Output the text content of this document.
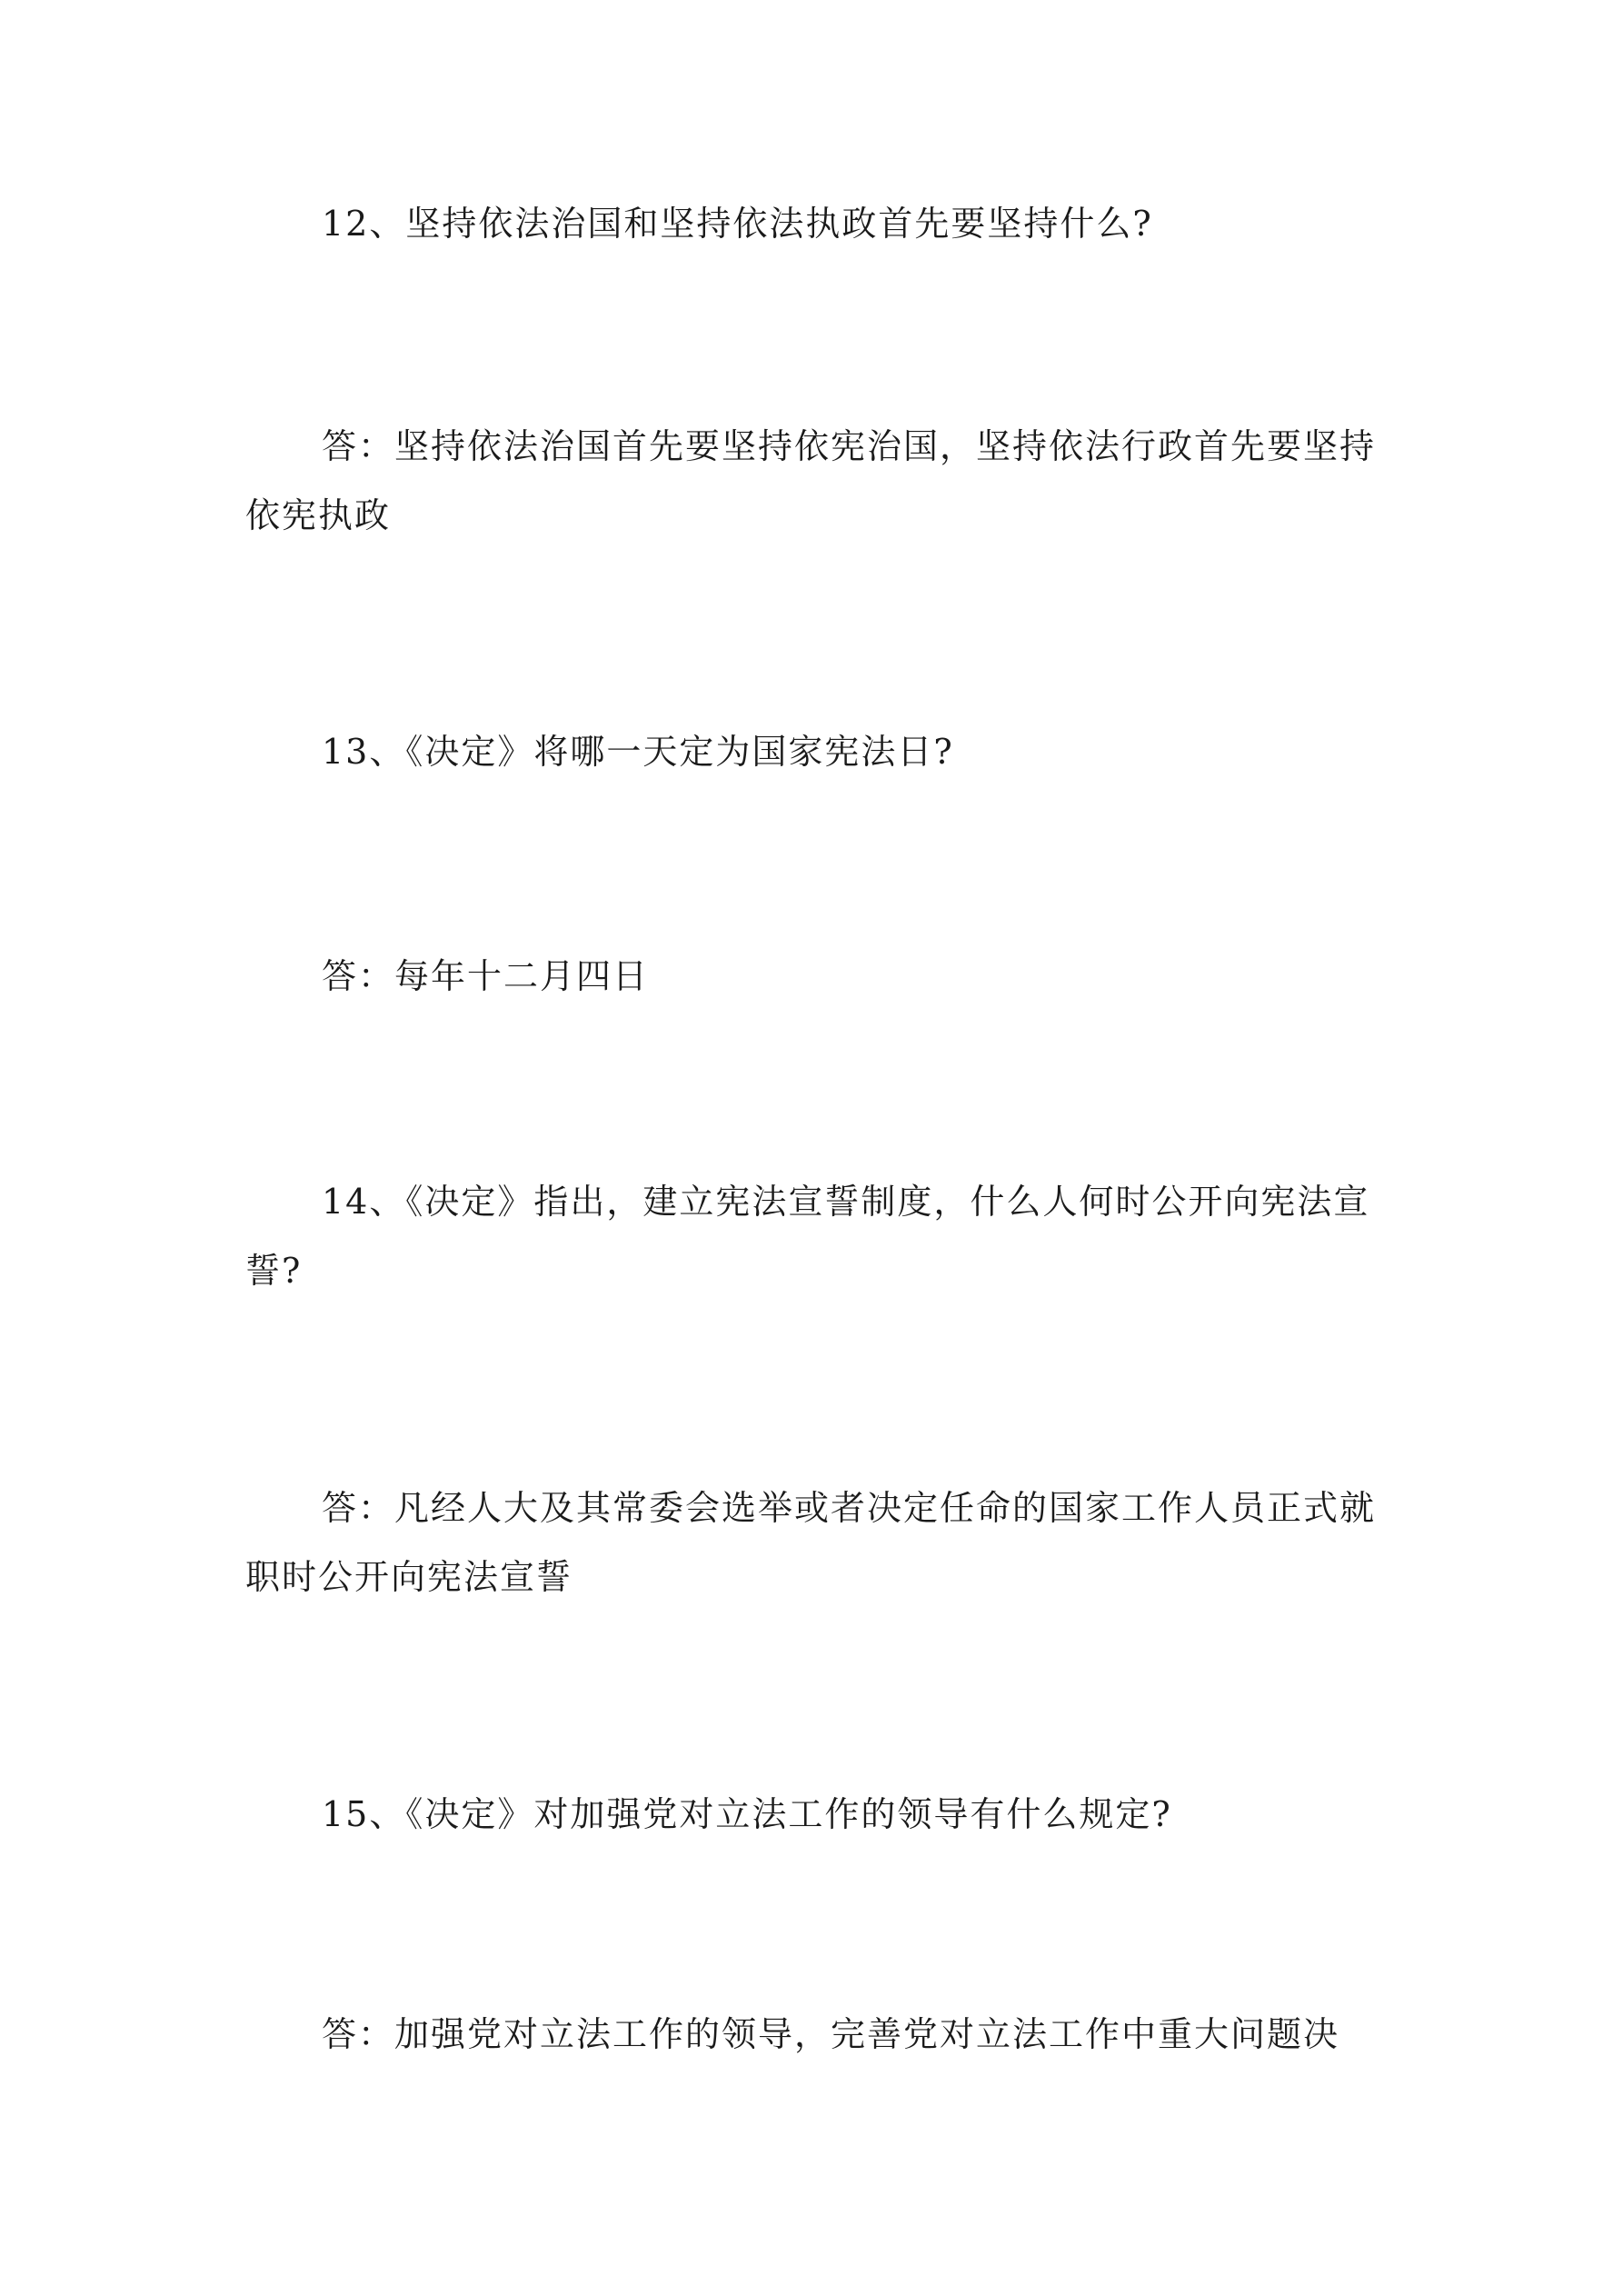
12、坚持依法治国和坚持依法执政首先要坚持什么?

答：坚持依法治国首先要坚持依宪治国，坚持依法行政首先要坚持依宪执政

13、《决定》将哪一天定为国家宪法日?

答：每年十二月四日

14、《决定》指出，建立宪法宣誓制度，什么人何时公开向宪法宣誓?

答：凡经人大及其常委会选举或者决定任命的国家工作人员正式就职时公开向宪法宣誓

15、《决定》对加强党对立法工作的领导有什么规定?

答：加强党对立法工作的领导，完善党对立法工作中重大问题决
